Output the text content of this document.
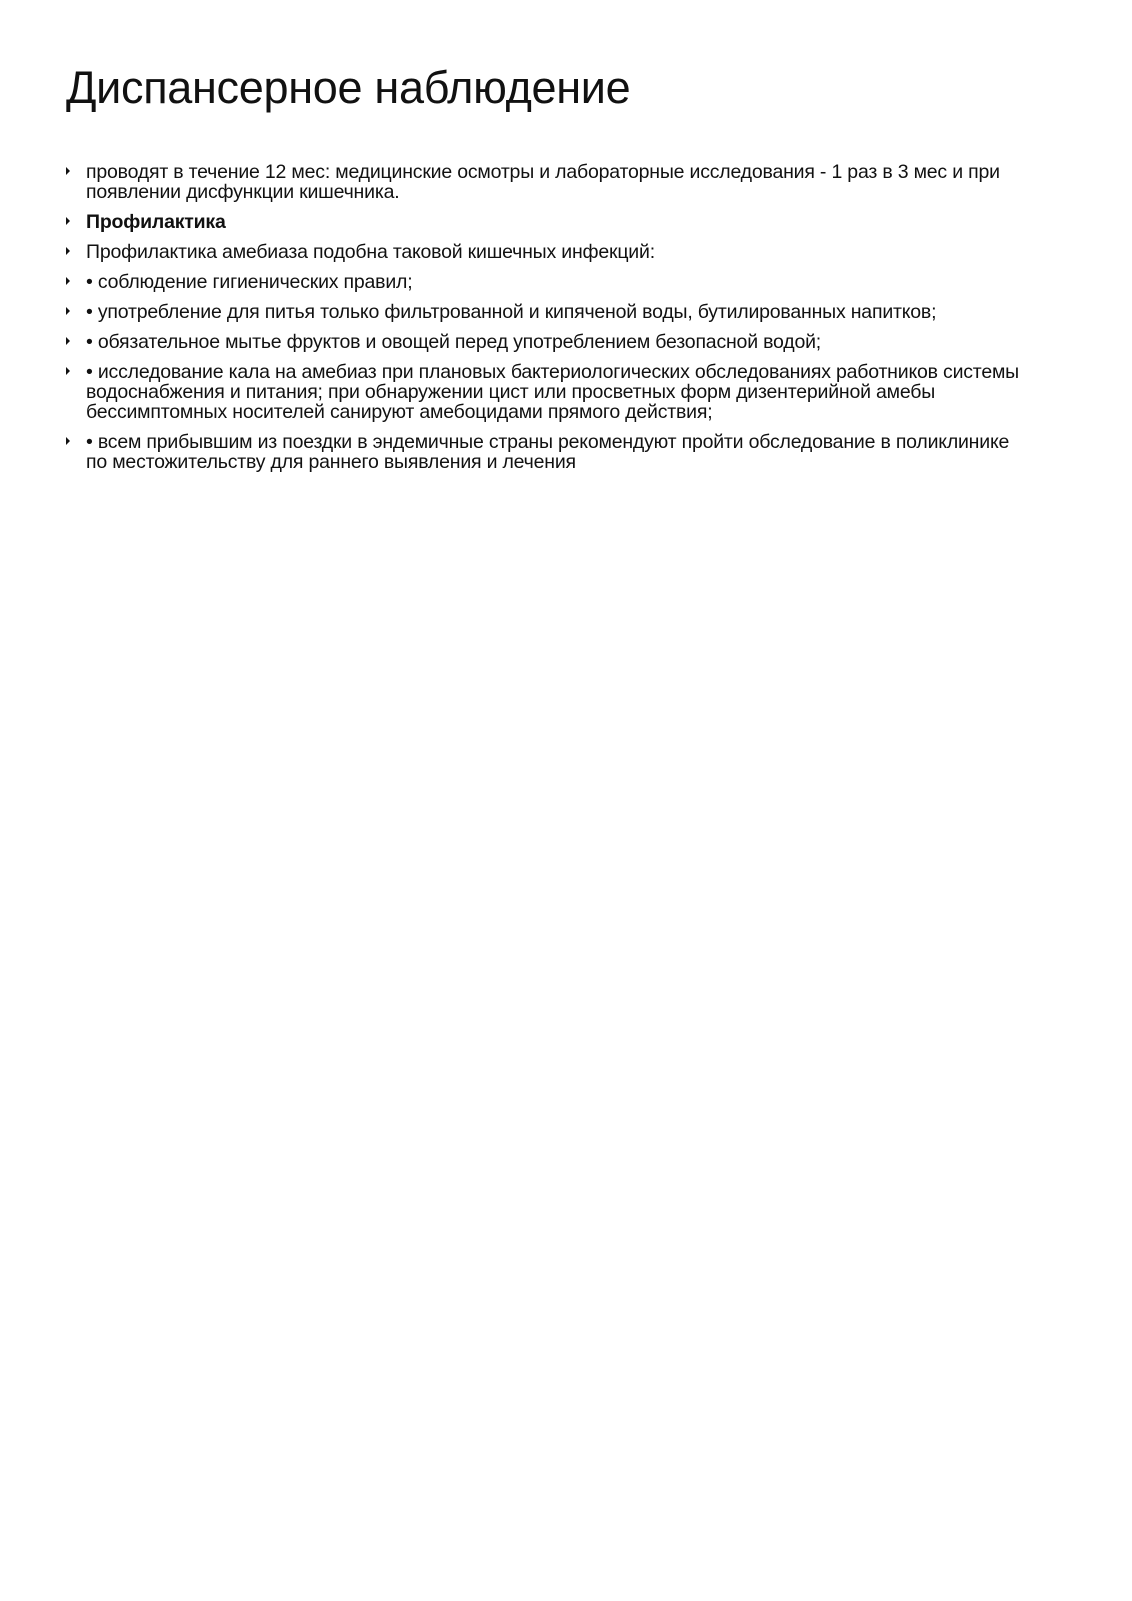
Диспансерное наблюдение
проводят в течение 12 мес: медицинские осмотры и лабораторные исследования - 1 раз в 3 мес и при появлении дисфункции кишечника.
Профилактика
Профилактика амебиаза подобна таковой кишечных инфекций:
• соблюдение гигиенических правил;
• употребление для питья только фильтрованной и кипяченой воды, бутилированных напитков;
• обязательное мытье фруктов и овощей перед употреблением безопасной водой;
• исследование кала на амебиаз при плановых бактериологических обследованиях работников системы водоснабжения и питания; при обнаружении цист или просветных форм дизентерийной амебы бессимптомных носителей санируют амебоцидами прямого действия;
• всем прибывшим из поездки в эндемичные страны рекомендуют пройти обследование в поликлинике по местожительству для раннего выявления и лечения
